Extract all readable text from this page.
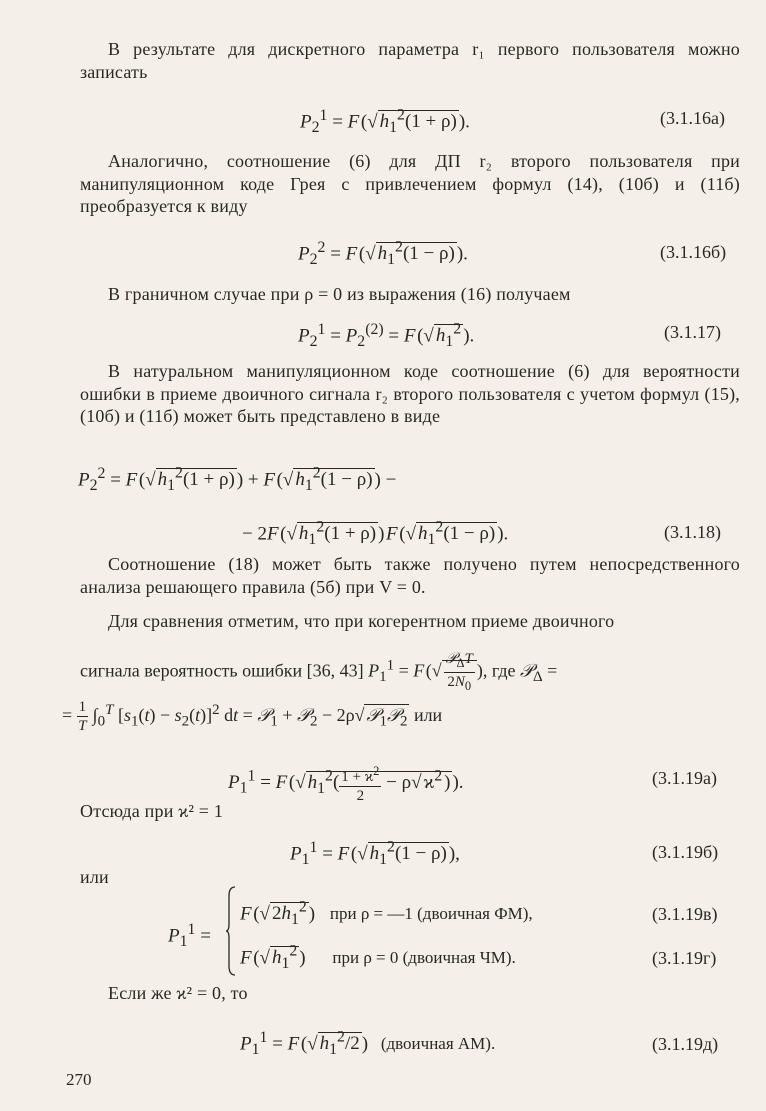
В результате для дискретного параметра r₁ первого пользователя можно записать
$P_2^1 = F$ (√ $h_1^2(1 + \rho)$ ).	(3.1.16а)
Аналогично, соотношение (6) для ДП r₂ второго пользователя при манипуляционном коде Грея с привлечением формул (14), (10б) и (11б) преобразуется к виду
$P_2^2 = F$ (√ $h_1^2(1 - \rho)$ ).	(3.1.16б)
В граничном случае при ρ = 0 из выражения (16) получаем
$P_2^1 = P_2^{(2)} = F$ (√ $h_1^2$ ).	(3.1.17)
В натуральном манипуляционном коде соотношение (6) для вероятности ошибки в приеме двоичного сигнала r₂ второго пользователя с учетом формул (15), (10б) и (11б) может быть представлено в виде
$P_2^2 = F$ (√ $h_1^2(1 + \rho)$ ) + F (√ $h_1^2(1 - \rho)$ ) −
− 2F (√ $h_1^2(1 + \rho)$ ) F (√ $h_1^2(1 - \rho)$ ).	(3.1.18)
Соотношение (18) может быть также получено путем непосредственного анализа решающего правила (5б) при V = 0.
Для сравнения отметим, что при когерентном приеме двоичного
сигнала вероятность ошибки [36, 43] $P_1^1 = F$ (√ $\frac{𝒫_\Delta T}{2N_0}$ ), где 𝒫$_\Delta$ =
= $\frac{1}{T} \int_0^T$ $[s_1(t) - s_2(t)]^2$ dt = 𝒫$_1$ + 𝒫$_2$ − 2ρ√ 𝒫$_1$𝒫$_2$ или
$P_1^1 = F$ (√ $h_1^2( \frac{1 + ϰ^2}{2} - \rho√$ $ϰ^2$ ) ).	(3.1.19а)
Отсюда при ϰ² = 1
$P_1^1 = F$ (√ $h_1^2(1 - \rho)$ ),	(3.1.19б)
или
$P_1^1$ =
F (√ $2h_1^2$ ) при ρ = —1 (двоичная ФМ),	(3.1.19в)
F (√ $h_1^2$ ) при ρ = 0 (двоичная ЧМ).	(3.1.19г)
Если же ϰ² = 0, то
$P_1^1 = F$ (√ $h_1^2/2$ ) (двоичная АМ).	(3.1.19д)
270
